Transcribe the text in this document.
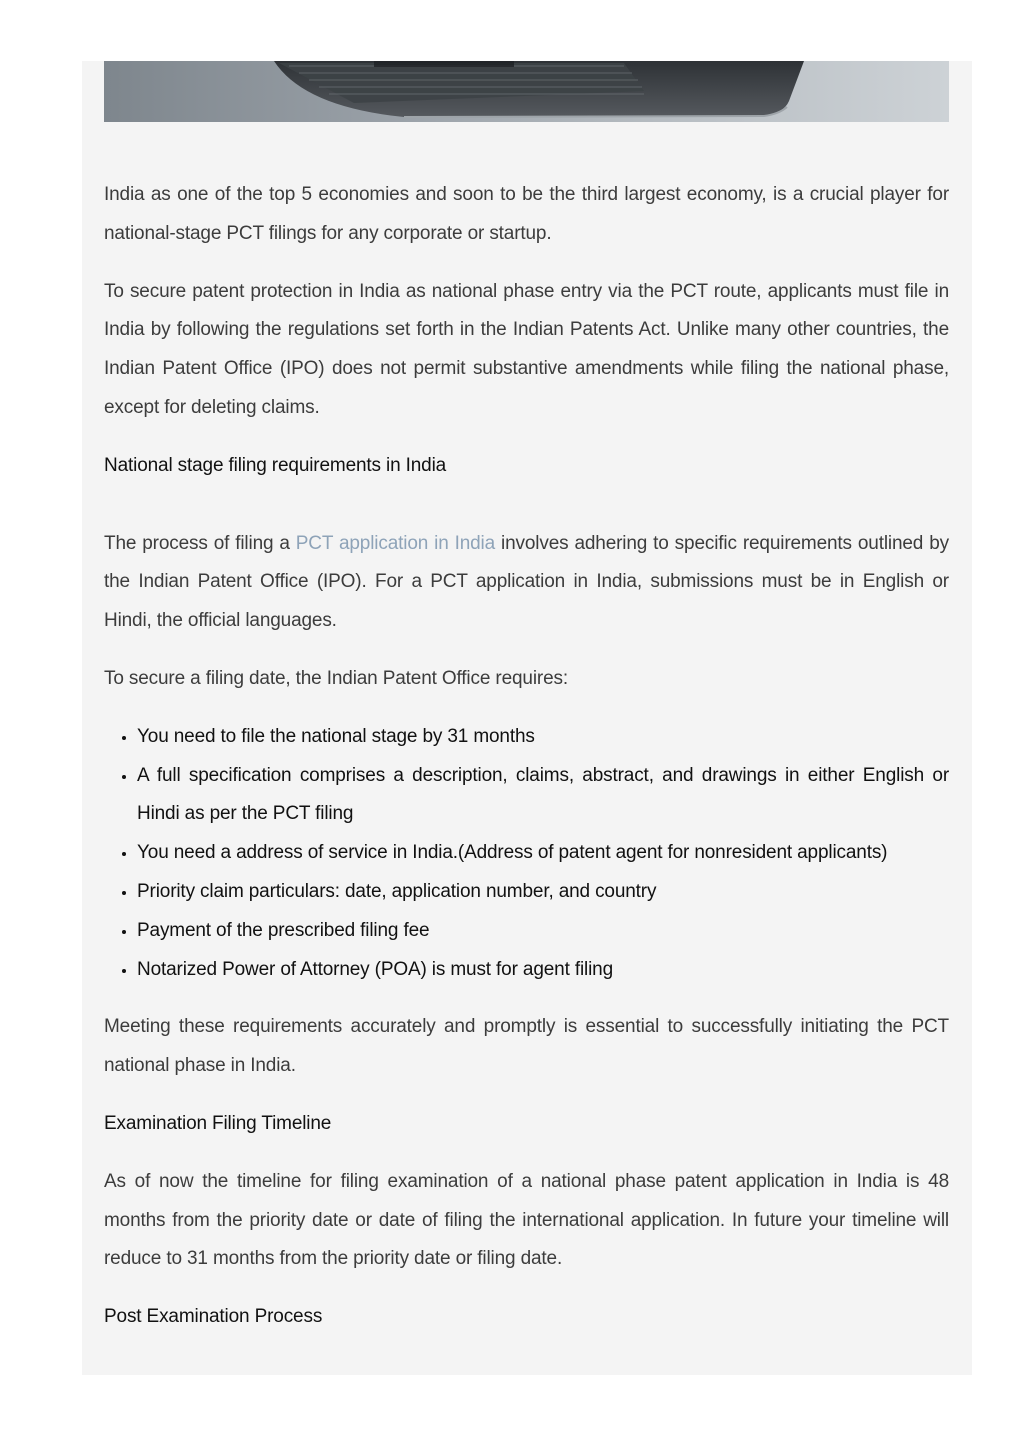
India as one of the top 5 economies and soon to be the third largest economy, is a crucial player for national-stage PCT filings for any corporate or startup.

To secure patent protection in India as national phase entry via the PCT route, applicants must file in India by following the regulations set forth in the Indian Patents Act. Unlike many other countries, the Indian Patent Office (IPO) does not permit substantive amendments while filing the national phase, except for deleting claims.

National stage filing requirements in India

The process of filing a PCT application in India involves adhering to specific requirements outlined by the Indian Patent Office (IPO). For a PCT application in India, submissions must be in English or Hindi, the official languages.

To secure a filing date, the Indian Patent Office requires:

• You need to file the national stage by 31 months
• A full specification comprises a description, claims, abstract, and drawings in either English or Hindi as per the PCT filing
• You need a address of service in India.(Address of patent agent for nonresident applicants)
• Priority claim particulars: date, application number, and country
• Payment of the prescribed filing fee
• Notarized Power of Attorney (POA) is must for agent filing

Meeting these requirements accurately and promptly is essential to successfully initiating the PCT national phase in India.

Examination Filing Timeline

As of now the timeline for filing examination of a national phase patent application in India is 48 months from the priority date or date of filing the international application. In future your timeline will reduce to 31 months from the priority date or filing date.

Post Examination Process
